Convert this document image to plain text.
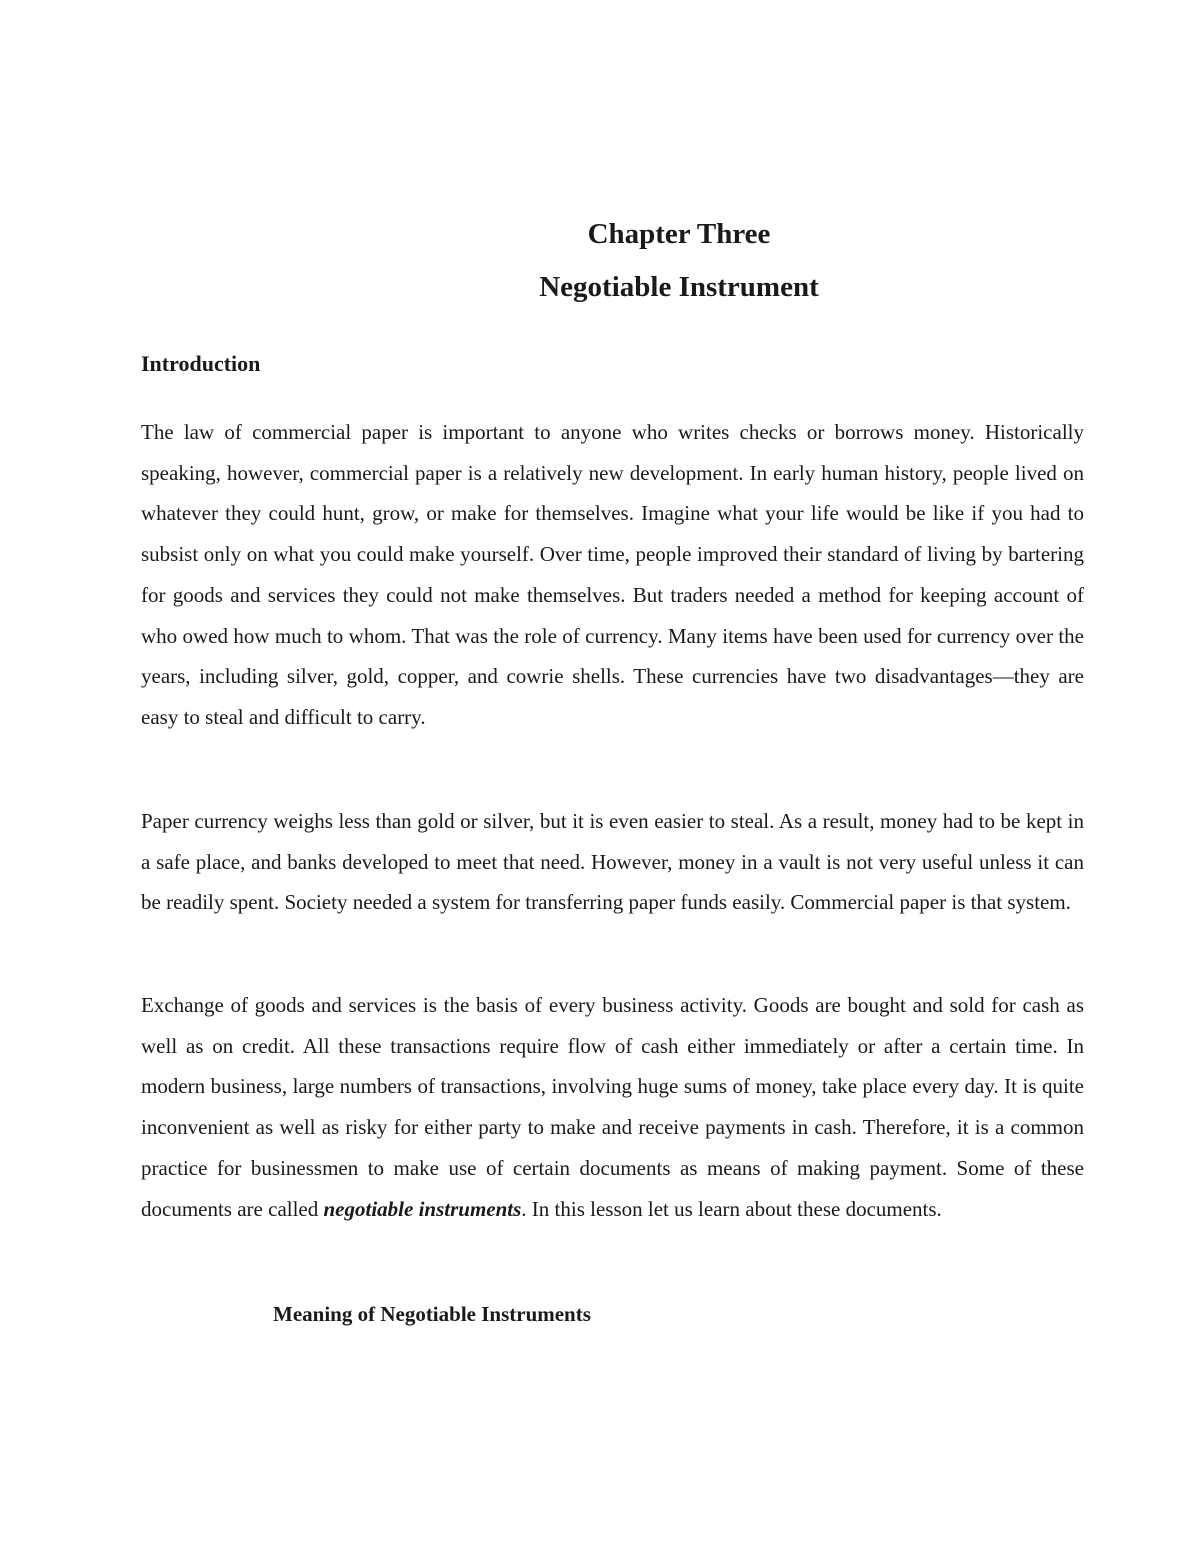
Chapter Three
Negotiable Instrument
Introduction

The law of commercial paper is important to anyone who writes checks or borrows money. Historically speaking, however, commercial paper is a relatively new development. In early human history, people lived on whatever they could hunt, grow, or make for themselves. Imagine what your life would be like if you had to subsist only on what you could make yourself. Over time, people improved their standard of living by bartering for goods and services they could not make themselves. But traders needed a method for keeping account of who owed how much to whom. That was the role of currency. Many items have been used for currency over the years, including silver, gold, copper, and cowrie shells. These currencies have two disadvantages—they are easy to steal and difficult to carry.

Paper currency weighs less than gold or silver, but it is even easier to steal. As a result, money had to be kept in a safe place, and banks developed to meet that need. However, money in a vault is not very useful unless it can be readily spent. Society needed a system for transferring paper funds easily. Commercial paper is that system.

Exchange of goods and services is the basis of every business activity. Goods are bought and sold for cash as well as on credit. All these transactions require flow of cash either immediately or after a certain time. In modern business, large numbers of transactions, involving huge sums of money, take place every day. It is quite inconvenient as well as risky for either party to make and receive payments in cash. Therefore, it is a common practice for businessmen to make use of certain documents as means of making payment. Some of these documents are called negotiable instruments. In this lesson let us learn about these documents.

Meaning of Negotiable Instruments
